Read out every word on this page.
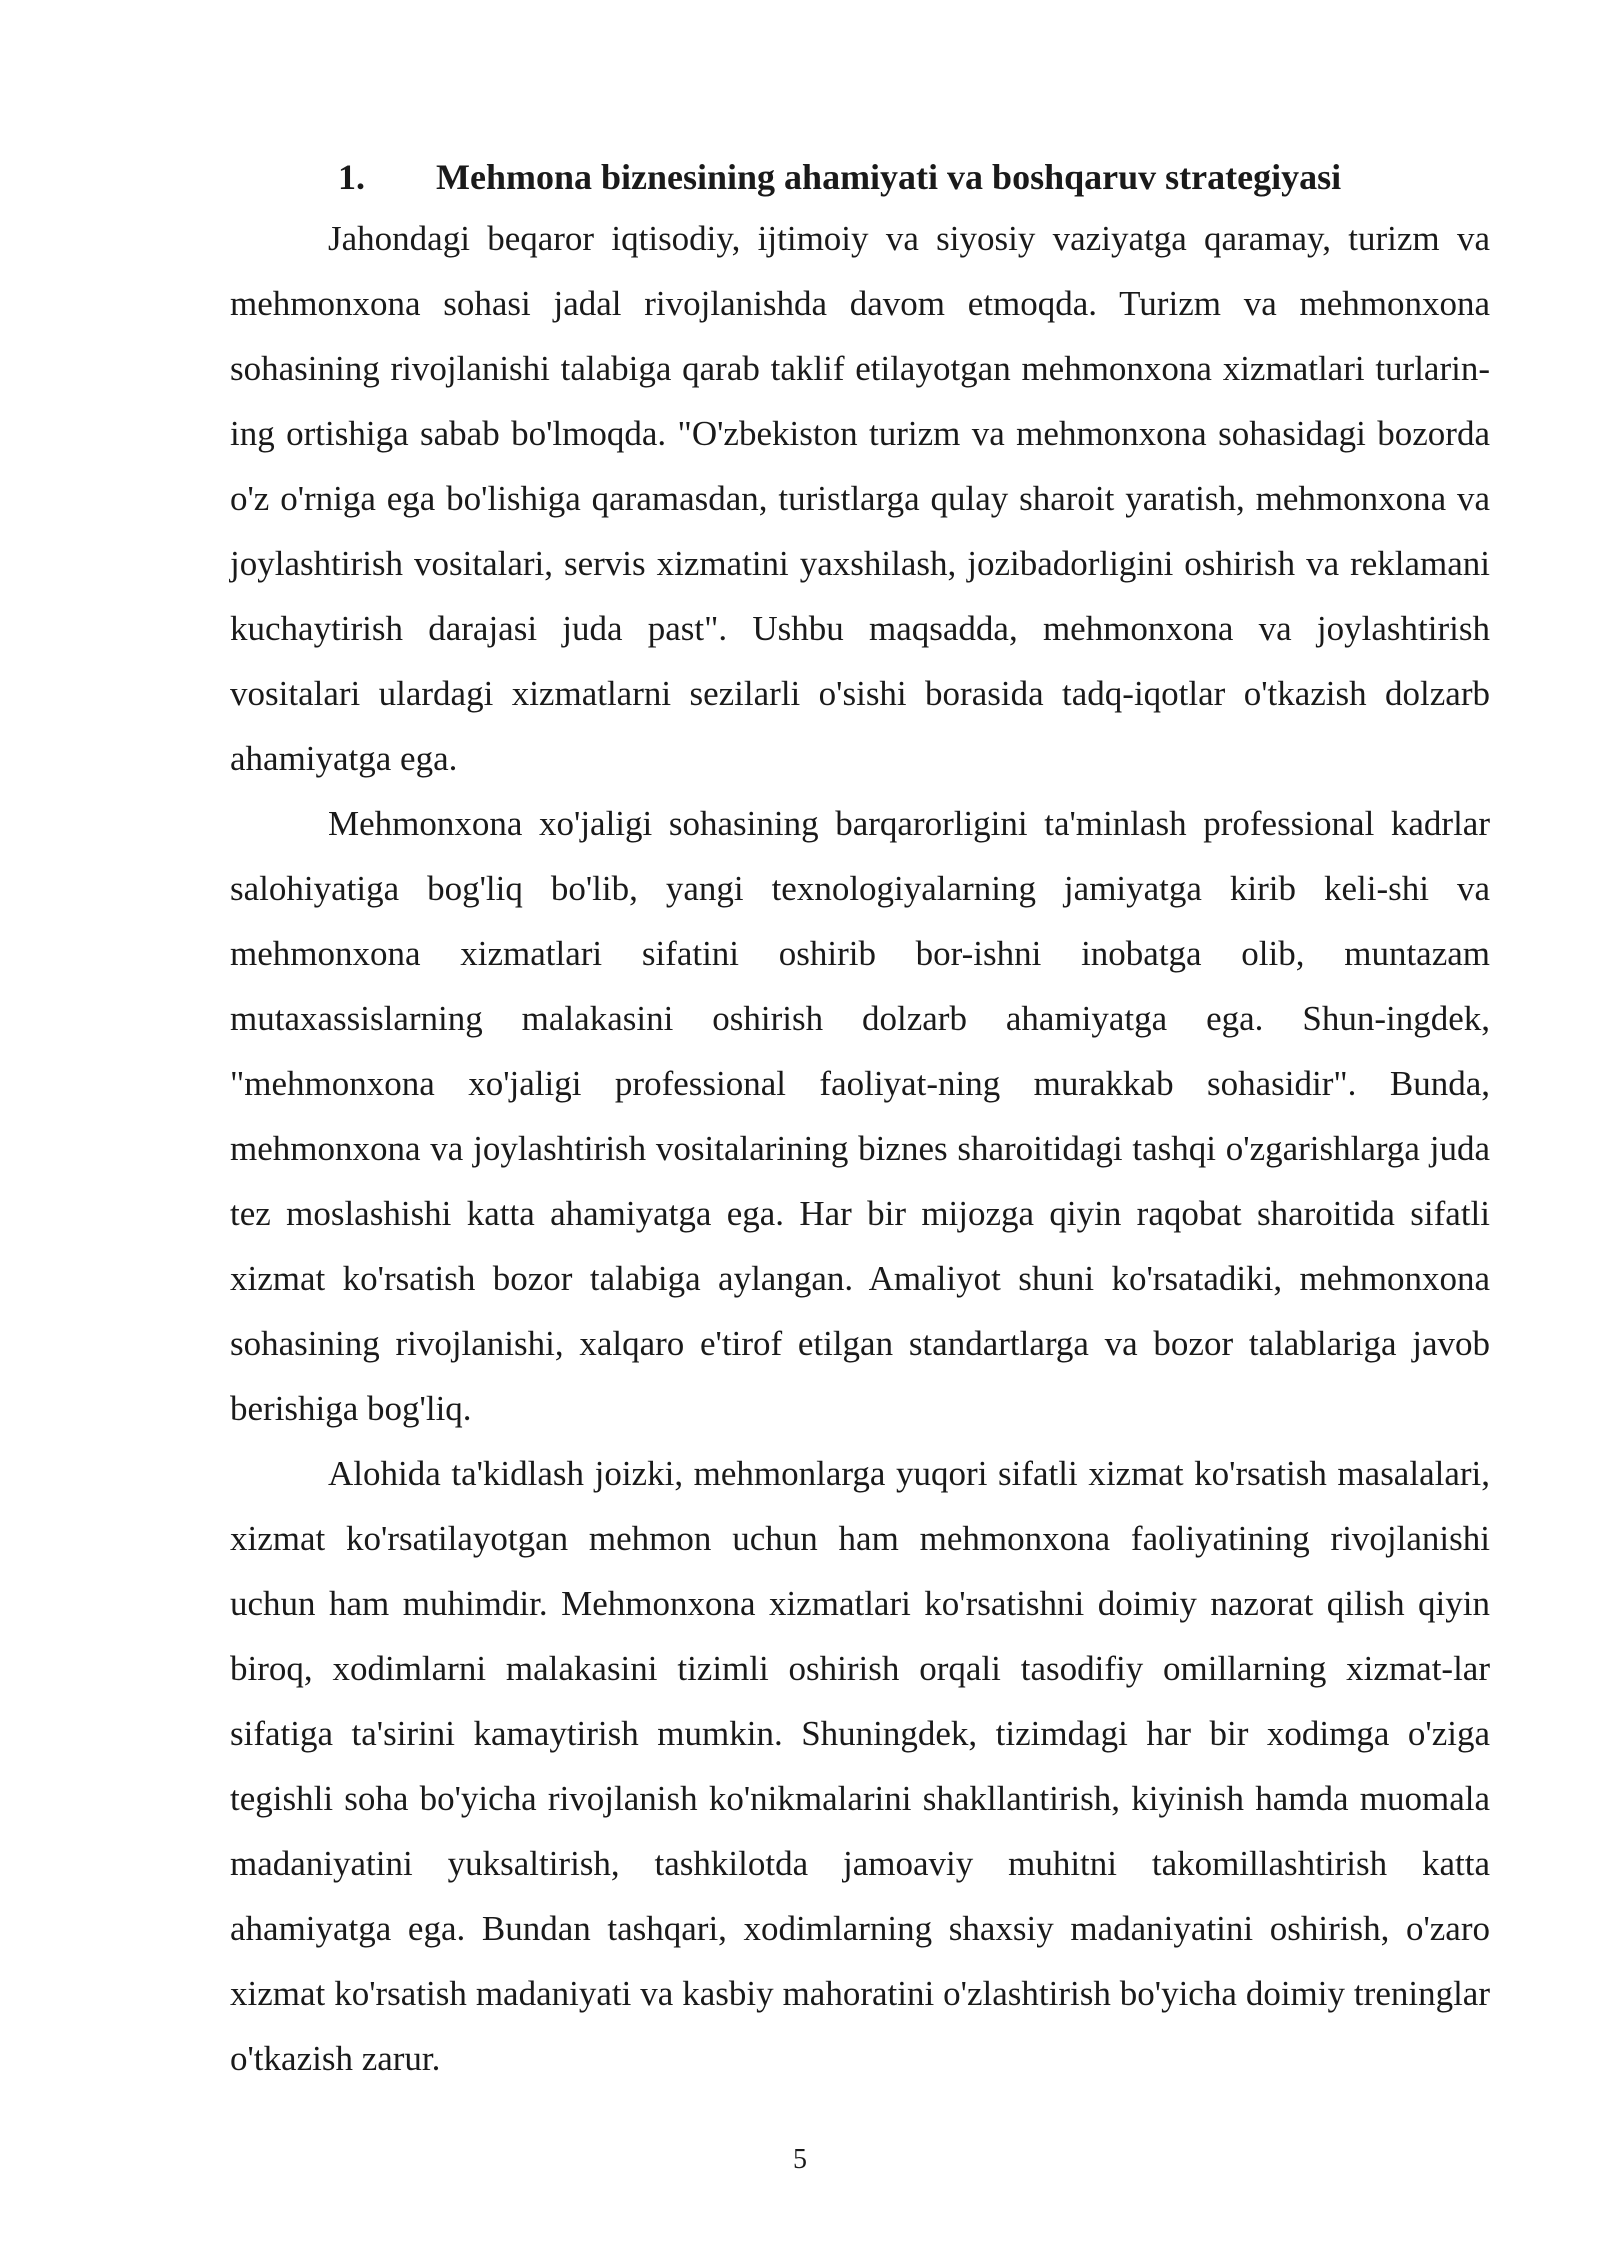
1. Mehmona biznesining ahamiyati va boshqaruv strategiyasi

Jahondagi beqaror iqtisodiy, ijtimoiy va siyosiy vaziyatga qaramay, turizm va mehmonxona sohasi jadal rivojlanishda davom etmoqda. Turizm va mehmonxona sohasining rivojlanishi talabiga qarab taklif etilayotgan mehmonxona xizmatlari turlarin-ing ortishiga sabab bo'lmoqda. "O'zbekiston turizm va mehmonxona sohasidagi bozorda o'z o'rniga ega bo'lishiga qaramasdan, turistlarga qulay sharoit yaratish, mehmonxona va joylashtirish vositalari, servis xizmatini yaxshilash, jozibadorligini oshirish va reklamani kuchaytirish darajasi juda past". Ushbu maqsadda, mehmonxona va joylashtirish vositalari ulardagi xizmatlarni sezilarli o'sishi borasida tadq-iqotlar o'tkazish dolzarb ahamiyatga ega.

Mehmonxona xo'jaligi sohasining barqarorligini ta'minlash professional kadrlar salohiyatiga bog'liq bo'lib, yangi texnologiyalarning jamiyatga kirib keli-shi va mehmonxona xizmatlari sifatini oshirib bor-ishni inobatga olib, muntazam mutaxassislarning malakasini oshirish dolzarb ahamiyatga ega. Shun-ingdek, "mehmonxona xo'jaligi professional faoliyat-ning murakkab sohasidir". Bunda, mehmonxona va joylashtirish vositalarining biznes sharoitidagi tashqi o'zgarishlarga juda tez moslashishi katta ahamiyatga ega. Har bir mijozga qiyin raqobat sharoitida sifatli xizmat ko'rsatish bozor talabiga aylangan. Amaliyot shuni ko'rsatadiki, mehmonxona sohasining rivojlanishi, xalqaro e'tirof etilgan standartlarga va bozor talablariga javob berishiga bog'liq.

Alohida ta'kidlash joizki, mehmonlarga yuqori sifatli xizmat ko'rsatish masalalari, xizmat ko'rsatilayotgan mehmon uchun ham mehmonxona faoliyatining rivojlanishi uchun ham muhimdir. Mehmonxona xizmatlari ko'rsatishni doimiy nazorat qilish qiyin biroq, xodimlarni malakasini tizimli oshirish orqali tasodifiy omillarning xizmat-lar sifatiga ta'sirini kamaytirish mumkin. Shuningdek, tizimdagi har bir xodimga o'ziga tegishli soha bo'yicha rivojlanish ko'nikmalarini shakllantirish, kiyinish hamda muomala madaniyatini yuksaltirish, tashkilotda jamoaviy muhitni takomillashtirish katta ahamiyatga ega. Bundan tashqari, xodimlarning shaxsiy madaniyatini oshirish, o'zaro xizmat ko'rsatish madaniyati va kasbiy mahoratini o'zlashtirish bo'yicha doimiy treninglar o'tkazish zarur.

5
